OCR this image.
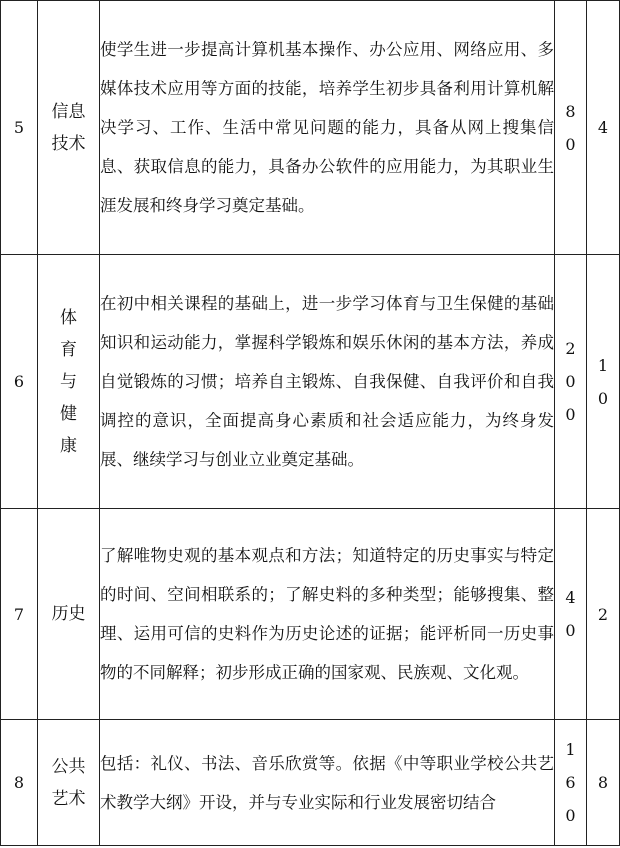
5	信息技术	使学生进一步提高计算机基本操作、办公应用、网络应用、多媒体技术应用等方面的技能，培养学生初步具备利用计算机解决学习、工作、生活中常见问题的能力，具备从网上搜集信息、获取信息的能力，具备办公软件的应用能力，为其职业生涯发展和终身学习奠定基础。	80	4
6	体育与健康	在初中相关课程的基础上，进一步学习体育与卫生保健的基础知识和运动能力，掌握科学锻炼和娱乐休闲的基本方法，养成自觉锻炼的习惯；培养自主锻炼、自我保健、自我评价和自我调控的意识，全面提高身心素质和社会适应能力，为终身发展、继续学习与创业立业奠定基础。	200	10
7	历史	了解唯物史观的基本观点和方法；知道特定的历史事实与特定的时间、空间相联系的；了解史料的多种类型；能够搜集、整理、运用可信的史料作为历史论述的证据；能评析同一历史事物的不同解释；初步形成正确的国家观、民族观、文化观。	40	2
8	公共艺术	包括：礼仪、书法、音乐欣赏等。依据《中等职业学校公共艺术教学大纲》开设，并与专业实际和行业发展密切结合	160	8
